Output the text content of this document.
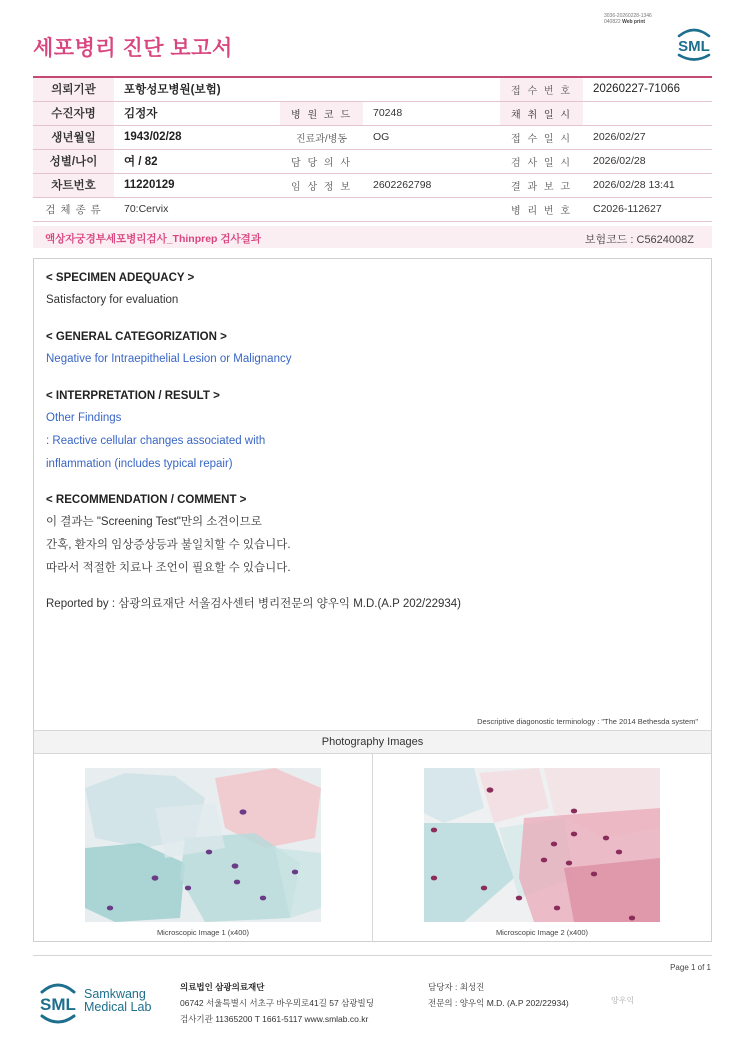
3036-20260228-1346
040822 Web print
세포병리 진단 보고서	SML
의뢰기관	포항성모병원(보험)			접 수 번 호	20260227-71066
수진자명	김정자	병 원 코 드	70248	채 취 일 시	
생년월일	1943/02/28	진료과/병동	OG	접 수 일 시	2026/02/27
성별/나이	여 / 82	담 당 의 사		검 사 일 시	2026/02/28
차트번호	11220129	임 상 정 보	2602262798	결 과 보 고	2026/02/28 13:41
검 체 종 류	70:Cervix			병 리 번 호	C2026-112627
액상자궁경부세포병리검사_Thinprep 검사결과	보험코드 : C5624008Z
< SPECIMEN ADEQUACY >
Satisfactory for evaluation
< GENERAL CATEGORIZATION >
Negative for Intraepithelial Lesion or Malignancy
< INTERPRETATION / RESULT >
Other Findings
: Reactive cellular changes associated with
inflammation (includes typical repair)
< RECOMMENDATION / COMMENT >
이 결과는 "Screening Test"만의 소견이므로
간혹, 환자의 임상증상등과 불일치할 수 있습니다.
따라서 적절한 치료나 조언이 필요할 수 있습니다.
Reported by : 삼광의료재단 서울검사센터 병리전문의 양우익 M.D.(A.P 202/22934)
Descriptive diagonostic terminology : "The 2014 Bethesda system"
Photography Images
Microscopic Image 1 (x400)	Microscopic Image 2 (x400)
Page 1 of 1
SML
Samkwang
Medical Lab
의료법인 삼광의료재단
06742 서울특별시 서초구 바우뫼로41길 57 삼광빌딩
검사기관 11365200 T 1661-5117 www.smlab.co.kr
담당자 : 최성진
전문의 : 양우익 M.D. (A.P 202/22934)	양우익
